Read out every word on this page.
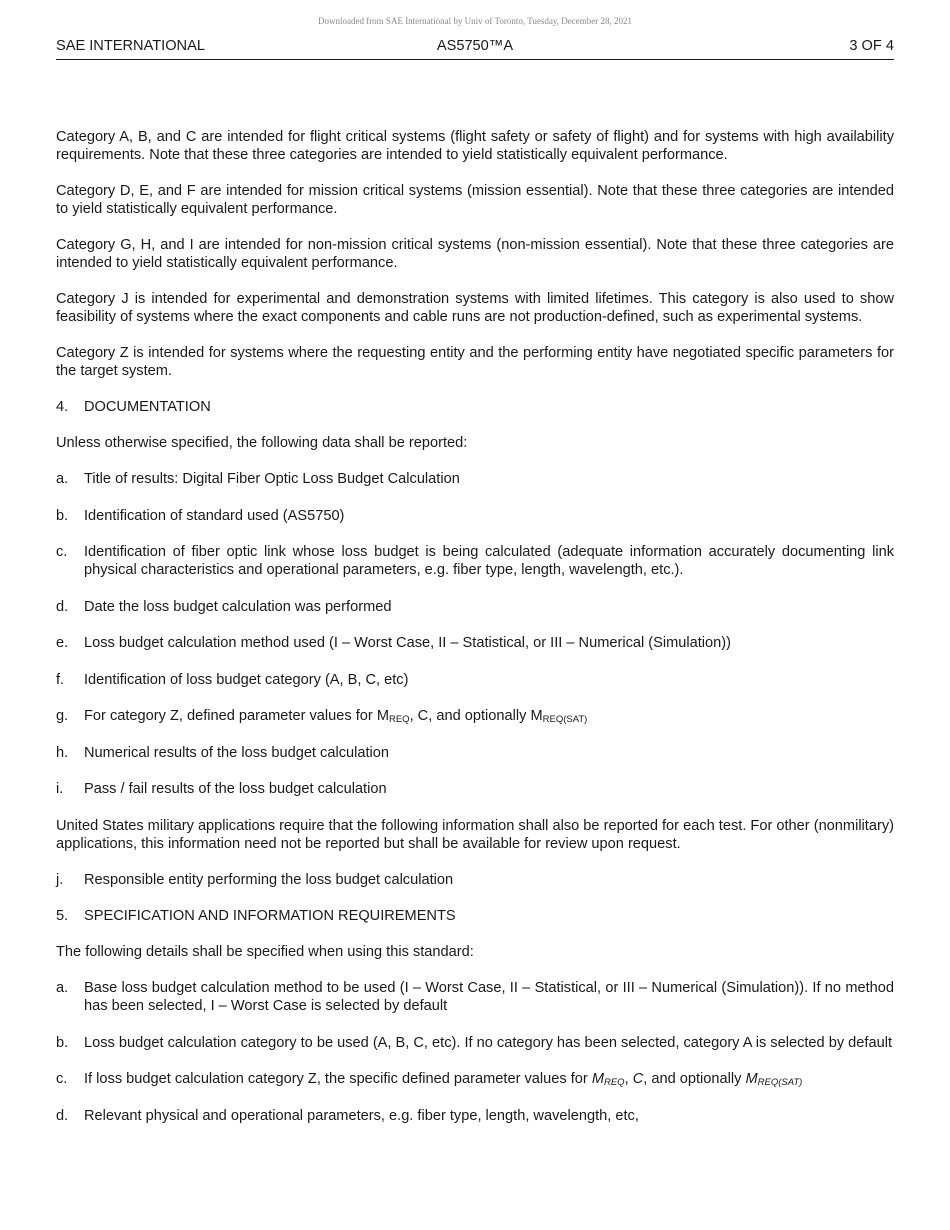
Downloaded from SAE International by Univ of Toronto, Tuesday, December 28, 2021
SAE INTERNATIONAL	AS5750™A	3 OF 4

Category A, B, and C are intended for flight critical systems (flight safety or safety of flight) and for systems with high availability requirements. Note that these three categories are intended to yield statistically equivalent performance.

Category D, E, and F are intended for mission critical systems (mission essential). Note that these three categories are intended to yield statistically equivalent performance.

Category G, H, and I are intended for non-mission critical systems (non-mission essential). Note that these three categories are intended to yield statistically equivalent performance.

Category J is intended for experimental and demonstration systems with limited lifetimes. This category is also used to show feasibility of systems where the exact components and cable runs are not production-defined, such as experimental systems.

Category Z is intended for systems where the requesting entity and the performing entity have negotiated specific parameters for the target system.

4.	DOCUMENTATION

Unless otherwise specified, the following data shall be reported:

a.	Title of results: Digital Fiber Optic Loss Budget Calculation
b.	Identification of standard used (AS5750)
c.	Identification of fiber optic link whose loss budget is being calculated (adequate information accurately documenting link physical characteristics and operational parameters, e.g. fiber type, length, wavelength, etc.).
d.	Date the loss budget calculation was performed
e.	Loss budget calculation method used (I – Worst Case, II – Statistical, or III – Numerical (Simulation))
f.	Identification of loss budget category (A, B, C, etc)
g.	For category Z, defined parameter values for $M_{REQ}$, C, and optionally $M_{REQ(SAT)}$
h.	Numerical results of the loss budget calculation
i.	Pass / fail results of the loss budget calculation

United States military applications require that the following information shall also be reported for each test. For other (nonmilitary) applications, this information need not be reported but shall be available for review upon request.

j.	Responsible entity performing the loss budget calculation
5.	SPECIFICATION AND INFORMATION REQUIREMENTS

The following details shall be specified when using this standard:

a.	Base loss budget calculation method to be used (I – Worst Case, II – Statistical, or III – Numerical (Simulation)). If no method has been selected, I – Worst Case is selected by default
b.	Loss budget calculation category to be used (A, B, C, etc). If no category has been selected, category A is selected by default
c.	If loss budget calculation category Z, the specific defined parameter values for $M_{REQ}$, C, and optionally $M_{REQ(SAT)}$
d.	Relevant physical and operational parameters, e.g. fiber type, length, wavelength, etc,
